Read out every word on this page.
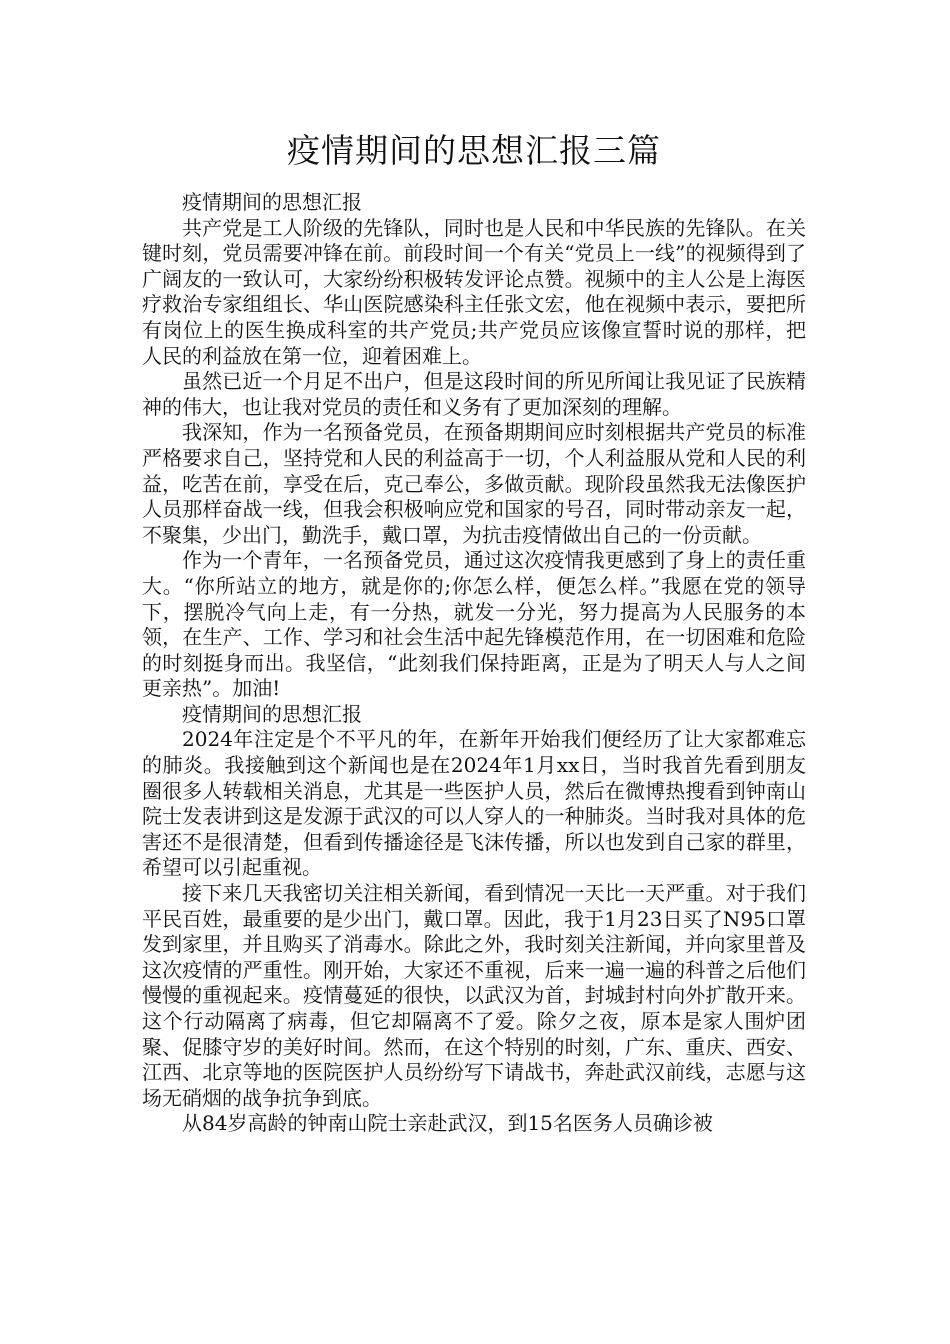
疫情期间的思想汇报三篇

疫情期间的思想汇报

共产党是工人阶级的先锋队，同时也是人民和中华民族的先锋队。在关键时刻，党员需要冲锋在前。前段时间一个有关“党员上一线”的视频得到了广阔友的一致认可，大家纷纷积极转发评论点赞。视频中的主人公是上海医疗救治专家组组长、华山医院感染科主任张文宏，他在视频中表示，要把所有岗位上的医生换成科室的共产党员;共产党员应该像宣誓时说的那样，把人民的利益放在第一位，迎着困难上。

虽然已近一个月足不出户，但是这段时间的所见所闻让我见证了民族精神的伟大，也让我对党员的责任和义务有了更加深刻的理解。

我深知，作为一名预备党员，在预备期期间应时刻根据共产党员的标准严格要求自己，坚持党和人民的利益高于一切，个人利益服从党和人民的利益，吃苦在前，享受在后，克己奉公，多做贡献。现阶段虽然我无法像医护人员那样奋战一线，但我会积极响应党和国家的号召，同时带动亲友一起，不聚集，少出门，勤洗手，戴口罩，为抗击疫情做出自己的一份贡献。

作为一个青年，一名预备党员，通过这次疫情我更感到了身上的责任重大。“你所站立的地方，就是你的;你怎么样，便怎么样。”我愿在党的领导下，摆脱冷气向上走，有一分热，就发一分光，努力提高为人民服务的本领，在生产、工作、学习和社会生活中起先锋模范作用，在一切困难和危险的时刻挺身而出。我坚信，“此刻我们保持距离，正是为了明天人与人之间更亲热”。加油!

疫情期间的思想汇报

2024年注定是个不平凡的年，在新年开始我们便经历了让大家都难忘的肺炎。我接触到这个新闻也是在2024年1月xx日，当时我首先看到朋友圈很多人转载相关消息，尤其是一些医护人员，然后在微博热搜看到钟南山院士发表讲到这是发源于武汉的可以人穿人的一种肺炎。当时我对具体的危害还不是很清楚，但看到传播途径是飞沫传播，所以也发到自己家的群里，希望可以引起重视。

接下来几天我密切关注相关新闻，看到情况一天比一天严重。对于我们平民百姓，最重要的是少出门，戴口罩。因此，我于1月23日买了N95口罩发到家里，并且购买了消毒水。除此之外，我时刻关注新闻，并向家里普及这次疫情的严重性。刚开始，大家还不重视，后来一遍一遍的科普之后他们慢慢的重视起来。疫情蔓延的很快，以武汉为首，封城封村向外扩散开来。这个行动隔离了病毒，但它却隔离不了爱。除夕之夜，原本是家人围炉团聚、促膝守岁的美好时间。然而，在这个特别的时刻，广东、重庆、西安、江西、北京等地的医院医护人员纷纷写下请战书，奔赴武汉前线，志愿与这场无硝烟的战争抗争到底。

从84岁高龄的钟南山院士亲赴武汉，到15名医务人员确诊被
